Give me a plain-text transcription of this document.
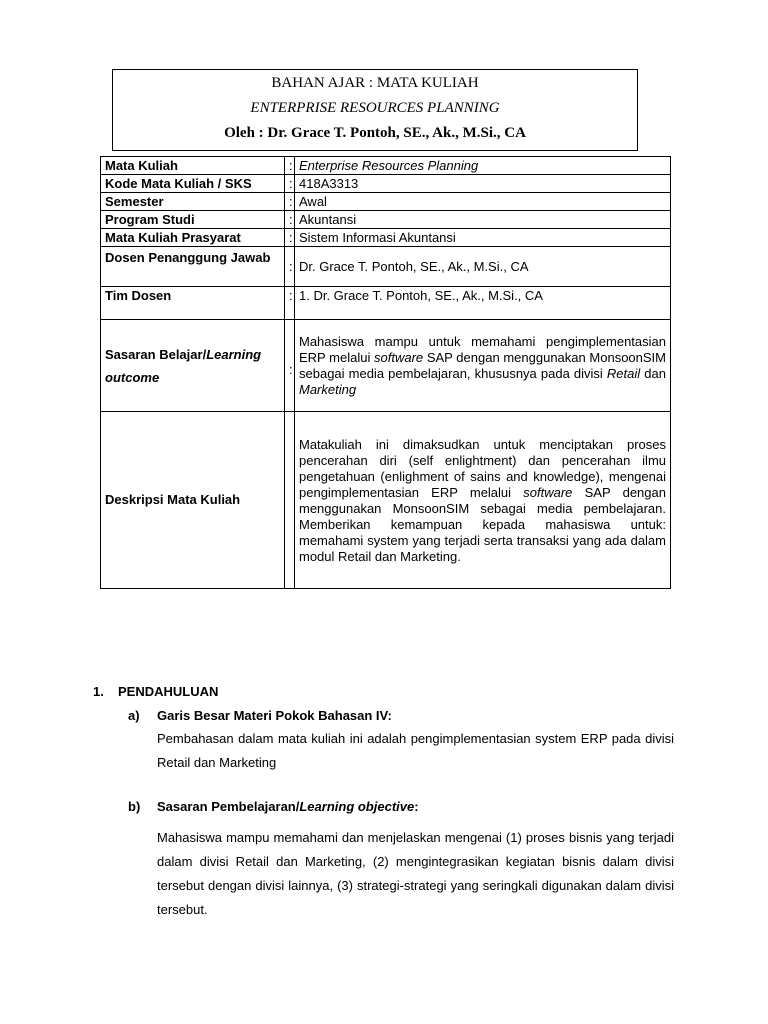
BAHAN AJAR : MATA KULIAH
ENTERPRISE RESOURCES PLANNING
Oleh : Dr. Grace T. Pontoh, SE., Ak., M.Si., CA
Mata Kuliah	:	Enterprise Resources Planning
Kode Mata Kuliah / SKS	:	418A3313
Semester	:	Awal
Program Studi	:	Akuntansi
Mata Kuliah Prasyarat	:	Sistem Informasi Akuntansi
Dosen Penanggung Jawab	:	Dr. Grace T. Pontoh, SE., Ak., M.Si., CA
Tim Dosen	:	1. Dr. Grace T. Pontoh, SE., Ak., M.Si., CA
Sasaran Belajar/Learning outcome	:	Mahasiswa mampu untuk memahami pengimplementasian ERP melalui software SAP dengan menggunakan MonsoonSIM sebagai media pembelajaran, khususnya pada divisi Retail dan Marketing
Deskripsi Mata Kuliah		Matakuliah ini dimaksudkan untuk menciptakan proses pencerahan diri (self enlightment) dan pencerahan ilmu pengetahuan (enlighment of sains and knowledge), mengenai pengimplementasian ERP melalui software SAP dengan menggunakan MonsoonSIM sebagai media pembelajaran. Memberikan kemampuan kepada mahasiswa untuk: memahami system yang terjadi serta transaksi yang ada dalam modul Retail dan Marketing.
1. PENDAHULUAN
a) Garis Besar Materi Pokok Bahasan IV:
Pembahasan dalam mata kuliah ini adalah pengimplementasian system ERP pada divisi Retail dan Marketing
b) Sasaran Pembelajaran/Learning objective:
Mahasiswa mampu memahami dan menjelaskan mengenai (1) proses bisnis yang terjadi dalam divisi Retail dan Marketing, (2) mengintegrasikan kegiatan bisnis dalam divisi tersebut dengan divisi lainnya, (3) strategi-strategi yang seringkali digunakan dalam divisi tersebut.
